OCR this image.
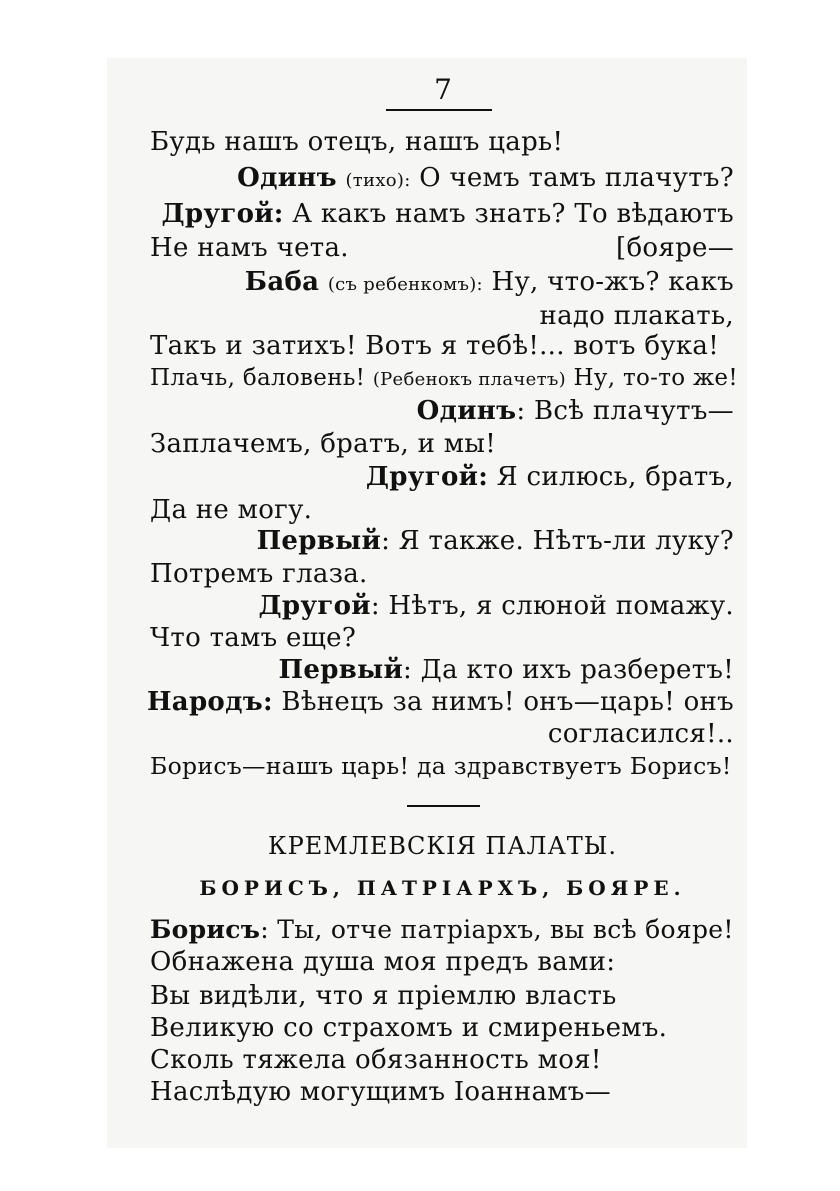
7
Будь нашъ отецъ, нашъ царь!
Одинъ (тихо): О чемъ тамъ плачутъ?
Другой: А какъ намъ знать? То вѣдаютъ
Не намъ чета.	[бояре—
Баба (съ ребенкомъ): Ну, что-жъ? какъ
надо плакать,
Такъ и затихъ! Вотъ я тебѣ!... вотъ бука!
Плачь, баловень! (Ребенокъ плачетъ) Ну, то-то же!
Одинъ: Всѣ плачутъ—
Заплачемъ, братъ, и мы!
Другой: Я силюсь, братъ,
Да не могу.
Первый: Я также. Нѣтъ-ли луку?
Потремъ глаза.
Другой: Нѣтъ, я слюной помажу.
Что тамъ еще?
Первый: Да кто ихъ разберетъ!
Народъ: Вѣнецъ за нимъ! онъ—царь! онъ
согласился!..
Борисъ—нашъ царь! да здравствуетъ Борисъ!
КРЕМЛЕВСКІЯ ПАЛАТЫ.
БОРИСЪ, ПАТРІАРХЪ, БОЯРЕ.
Борисъ: Ты, отче патріархъ, вы всѣ бояре!
Обнажена душа моя предъ вами:
Вы видѣли, что я пріемлю власть
Великую со страхомъ и смиреньемъ.
Сколь тяжела обязанность моя!
Наслѣдую могущимъ Іоаннамъ—
